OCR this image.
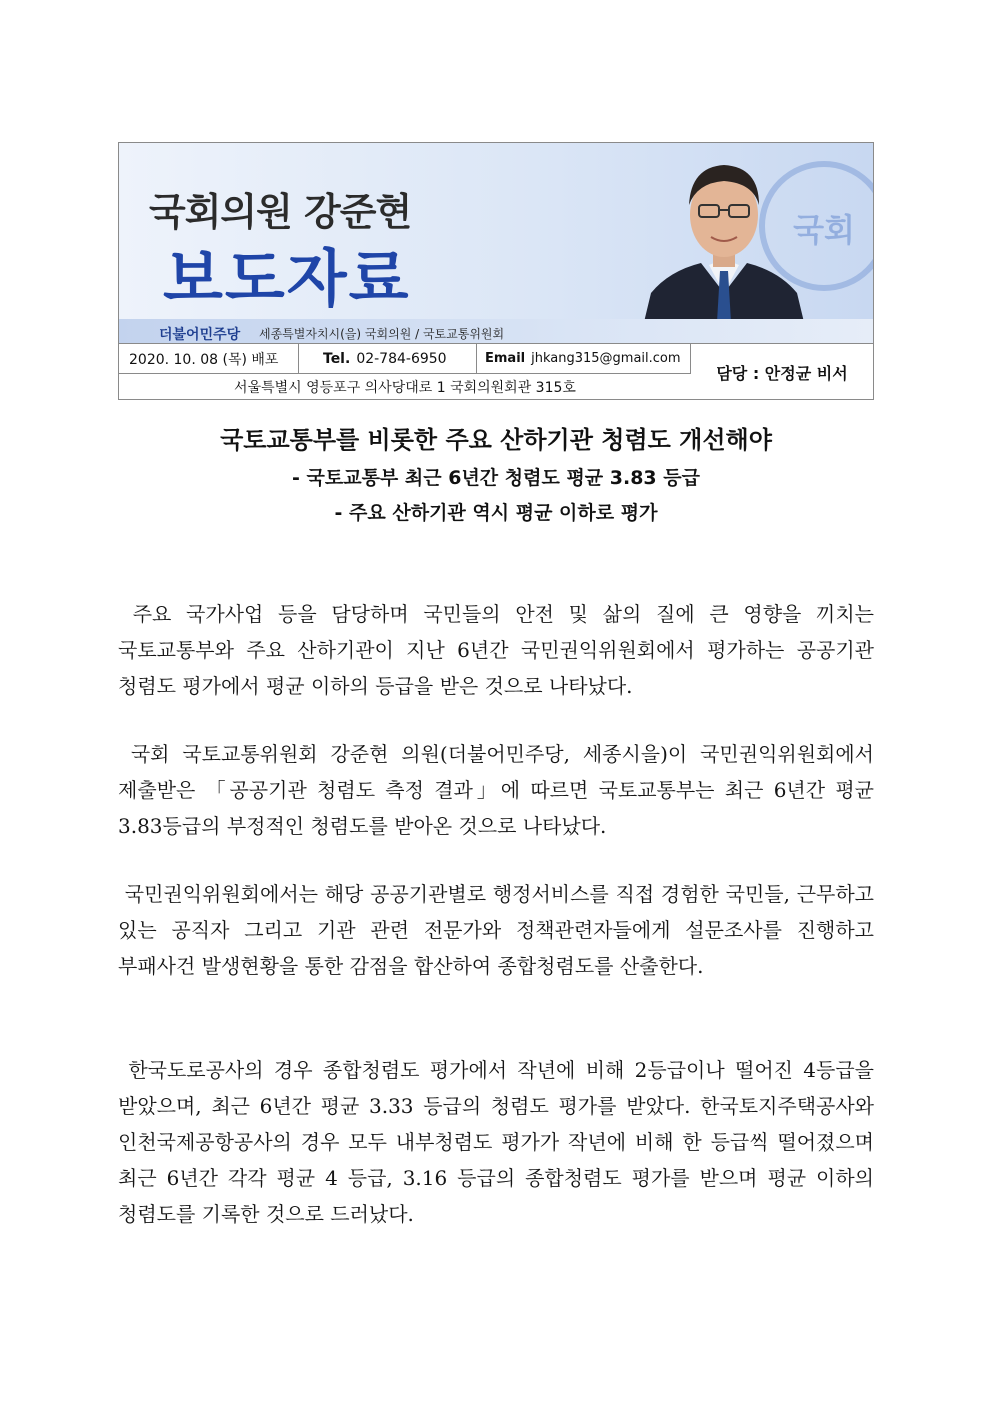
국회
국회의원 강준현
보도자료
더불어민주당 세종특별자치시(을) 국회의원 / 국토교통위원회
2020. 10. 08 (목) 배포	Tel. 02-784-6950	Email jhkang315@gmail.com
서울특별시 영등포구 의사당대로 1 국회의원회관 315호
담당 : 안정균 비서
국토교통부를 비롯한 주요 산하기관 청렴도 개선해야
- 국토교통부 최근 6년간 청렴도 평균 3.83 등급
- 주요 산하기관 역시 평균 이하로 평가

주요 국가사업 등을 담당하며 국민들의 안전 및 삶의 질에 큰 영향을 끼치는 국토교통부와 주요 산하기관이 지난 6년간 국민권익위원회에서 평가하는 공공기관 청렴도 평가에서 평균 이하의 등급을 받은 것으로 나타났다.

국회 국토교통위원회 강준현 의원(더불어민주당, 세종시을)이 국민권익위원회에서 제출받은 「공공기관 청렴도 측정 결과」에 따르면 국토교통부는 최근 6년간 평균 3.83등급의 부정적인 청렴도를 받아온 것으로 나타났다.

국민권익위원회에서는 해당 공공기관별로 행정서비스를 직접 경험한 국민들, 근무하고 있는 공직자 그리고 기관 관련 전문가와 정책관련자들에게 설문조사를 진행하고 부패사건 발생현황을 통한 감점을 합산하여 종합청렴도를 산출한다.

한국도로공사의 경우 종합청렴도 평가에서 작년에 비해 2등급이나 떨어진 4등급을 받았으며, 최근 6년간 평균 3.33 등급의 청렴도 평가를 받았다. 한국토지주택공사와 인천국제공항공사의 경우 모두 내부청렴도 평가가 작년에 비해 한 등급씩 떨어졌으며 최근 6년간 각각 평균 4 등급, 3.16 등급의 종합청렴도 평가를 받으며 평균 이하의 청렴도를 기록한 것으로 드러났다.
